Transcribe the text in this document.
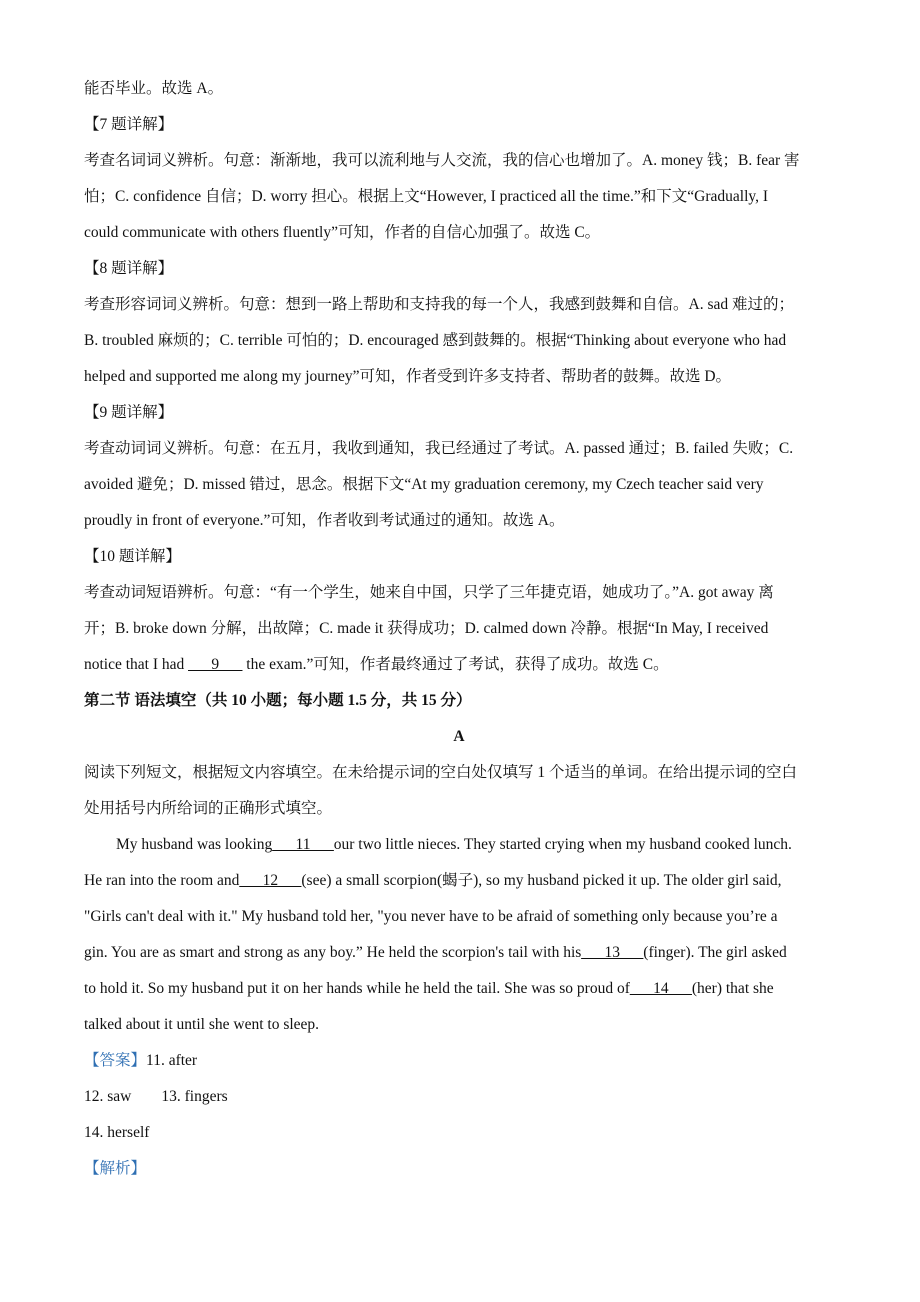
能否毕业。故选 A。
【7 题详解】
考查名词词义辨析。句意：渐渐地，我可以流利地与人交流，我的信心也增加了。A. money 钱；B. fear 害
怕；C. confidence 自信；D. worry 担心。根据上文“However, I practiced all the time.”和下文“Gradually, I
could communicate with others fluently”可知，作者的自信心加强了。故选 C。
【8 题详解】
考查形容词词义辨析。句意：想到一路上帮助和支持我的每一个人，我感到鼓舞和自信。A. sad 难过的；
B. troubled 麻烦的；C. terrible 可怕的；D. encouraged 感到鼓舞的。根据“Thinking about everyone who had
helped and supported me along my journey”可知，作者受到许多支持者、帮助者的鼓舞。故选 D。
【9 题详解】
考查动词词义辨析。句意：在五月，我收到通知，我已经通过了考试。A. passed 通过；B. failed 失败；C.
avoided 避免；D. missed 错过，思念。根据下文“At my graduation ceremony, my Czech teacher said very
proudly in front of everyone.”可知，作者收到考试通过的通知。故选 A。
【10 题详解】
考查动词短语辨析。句意：“有一个学生，她来自中国，只学了三年捷克语，她成功了。”A. got away 离
开；B. broke down 分解，出故障；C. made it 获得成功；D. calmed down 冷静。根据“In May, I received
notice that I had ___9___ the exam.”可知，作者最终通过了考试，获得了成功。故选 C。
第二节 语法填空（共 10 小题；每小题 1.5 分，共 15 分）
A
阅读下列短文，根据短文内容填空。在未给提示词的空白处仅填写 1 个适当的单词。在给出提示词的空白
处用括号内所给词的正确形式填空。
My husband was looking___11___our two little nieces. They started crying when my husband cooked lunch.
He ran into the room and___12___(see) a small scorpion(蝎子), so my husband picked it up. The older girl said,
"Girls can't deal with it." My husband told her, "you never have to be afraid of something only because you’re a
gin. You are as smart and strong as any boy.” He held the scorpion's tail with his___13___(finger). The girl asked
to hold it. So my husband put it on her hands while he held the tail. She was so proud of___14___(her) that she
talked about it until she went to sleep.
【答案】11. after
12. saw 13. fingers
14. herself
【解析】
